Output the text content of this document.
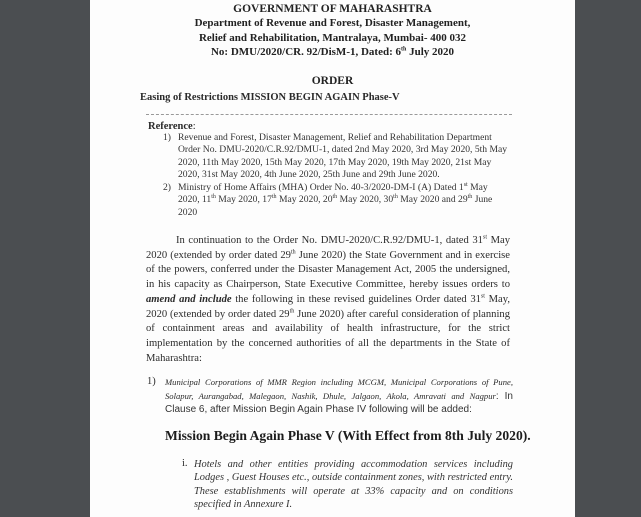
GOVERNMENT OF MAHARASHTRA
Department of Revenue and Forest, Disaster Management,
Relief and Rehabilitation, Mantralaya, Mumbai- 400 032
No: DMU/2020/CR. 92/DisM-1, Dated: 6th July 2020
ORDER
Easing of Restrictions MISSION BEGIN AGAIN Phase-V
Reference:
1) Revenue and Forest, Disaster Management, Relief and Rehabilitation Department Order No. DMU-2020/C.R.92/DMU-1, dated 2nd May 2020, 3rd May 2020, 5th May 2020, 11th May 2020, 15th May 2020, 17th May 2020, 19th May 2020, 21st May 2020, 31st May 2020, 4th June 2020, 25th June and 29th June 2020.
2) Ministry of Home Affairs (MHA) Order No. 40-3/2020-DM-I (A) Dated 1st May 2020, 11th May 2020, 17th May 2020, 20th May 2020, 30th May 2020 and 29th June 2020
In continuation to the Order No. DMU-2020/C.R.92/DMU-1, dated 31st May 2020 (extended by order dated 29th June 2020) the State Government and in exercise of the powers, conferred under the Disaster Management Act, 2005 the undersigned, in his capacity as Chairperson, State Executive Committee, hereby issues orders to amend and include the following in these revised guidelines Order dated 31st May, 2020 (extended by order dated 29th June 2020) after careful consideration of planning of containment areas and availability of health infrastructure, for the strict implementation by the concerned authorities of all the departments in the State of Maharashtra:
1) Municipal Corporations of MMR Region including MCGM, Municipal Corporations of Pune, Solapur, Aurangabad, Malegaon, Nashik, Dhule, Jalgaon, Akola, Amravati and Nagpur: In Clause 6, after Mission Begin Again Phase IV following will be added:
Mission Begin Again Phase V (With Effect from 8th July 2020).
i. Hotels and other entities providing accommodation services including Lodges , Guest Houses etc., outside containment zones, with restricted entry. These establishments will operate at 33% capacity and on conditions specified in Annexure I.
